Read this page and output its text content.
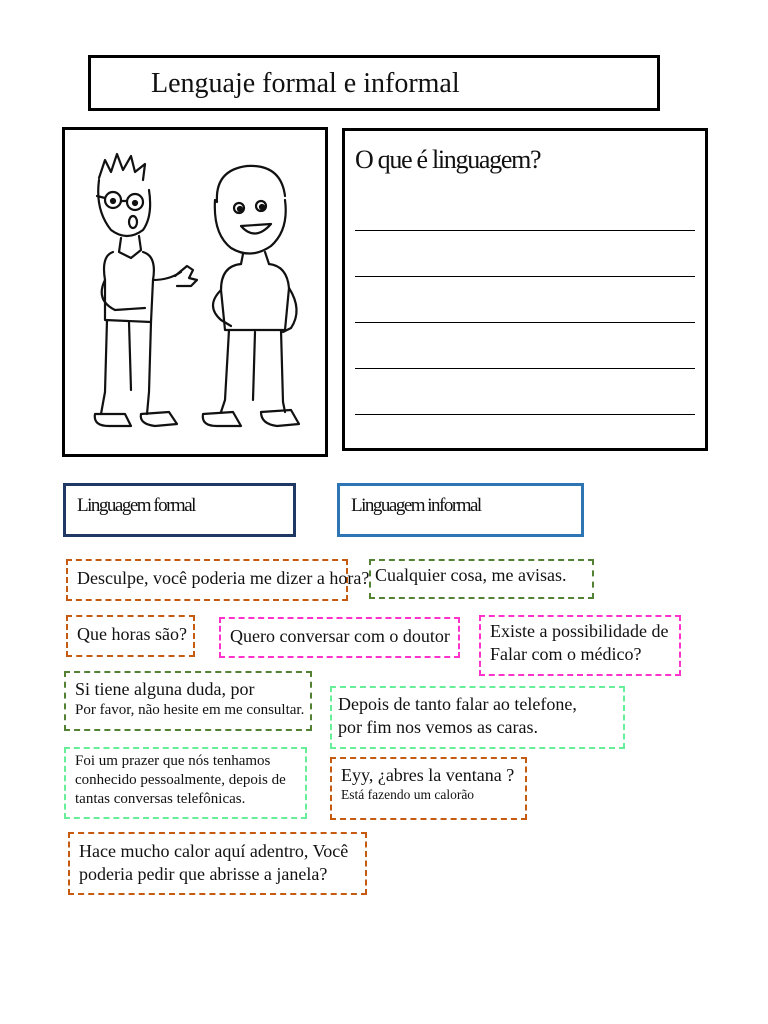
Lenguaje formal e informal
O que é linguagem?
Linguagem formal	Linguagem informal
Desculpe, você poderia me dizer a hora? Cualquier cosa, me avisas.
Que horas são?	Quero conversar com o doutor	Existe a possibilidade de
Falar com o médico?
Si tiene alguna duda, por
Por favor, não hesite em me consultar.	Depois de tanto falar ao telefone,
por fim nos vemos as caras.
Foi um prazer que nós tenhamos
conhecido pessoalmente, depois de
tantas conversas telefônicas.
Eyy, ¿abres la ventana ?
Está fazendo um calorão
Hace mucho calor aquí adentro, Você
poderia pedir que abrisse a janela?
